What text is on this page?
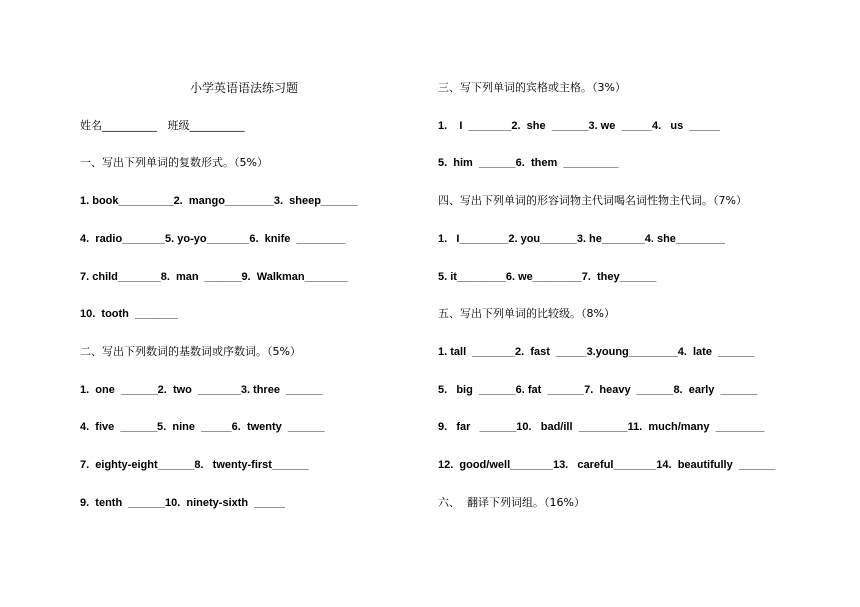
小学英语语法练习题
姓名__________   班级__________
一、写出下列单词的复数形式。（5%）
1. book_________2.  mango________3.  sheep______
4.  radio_______5. yo-yo_______6.  knife  ________
7. child_______8.  man  ______9.  Walkman_______
10.  tooth  _______
二、写出下列数词的基数词或序数词。（5%）
1.  one  ______2.  two  _______3. three  ______
4.  five  ______5.  nine  _____6.  twenty  ______
7.  eighty-eight______8.   twenty-first______
9.  tenth  ______10.  ninety-sixth  _____
三、写下列单词的宾格或主格。（3%）
1.    I  _______2.  she  ______3. we  _____4.   us  _____
5.  him  ______6.  them  _________
四、写出下列单词的形容词物主代词喝名词性物主代词。（7%）
1.   I________2. you______3. he_______4. she________
5. it________6. we________7.  they______
五、写出下列单词的比较级。（8%）
1. tall  _______2.  fast  _____3.young________4.  late  ______
5.   big  ______6. fat  ______7.  heavy  ______8.  early  ______
9.   far   ______10.   bad/ill  ________11.  much/many  ________
12.  good/well_______13.   careful_______14.  beautifully  ______
六、  翻译下列词组。（16%）
